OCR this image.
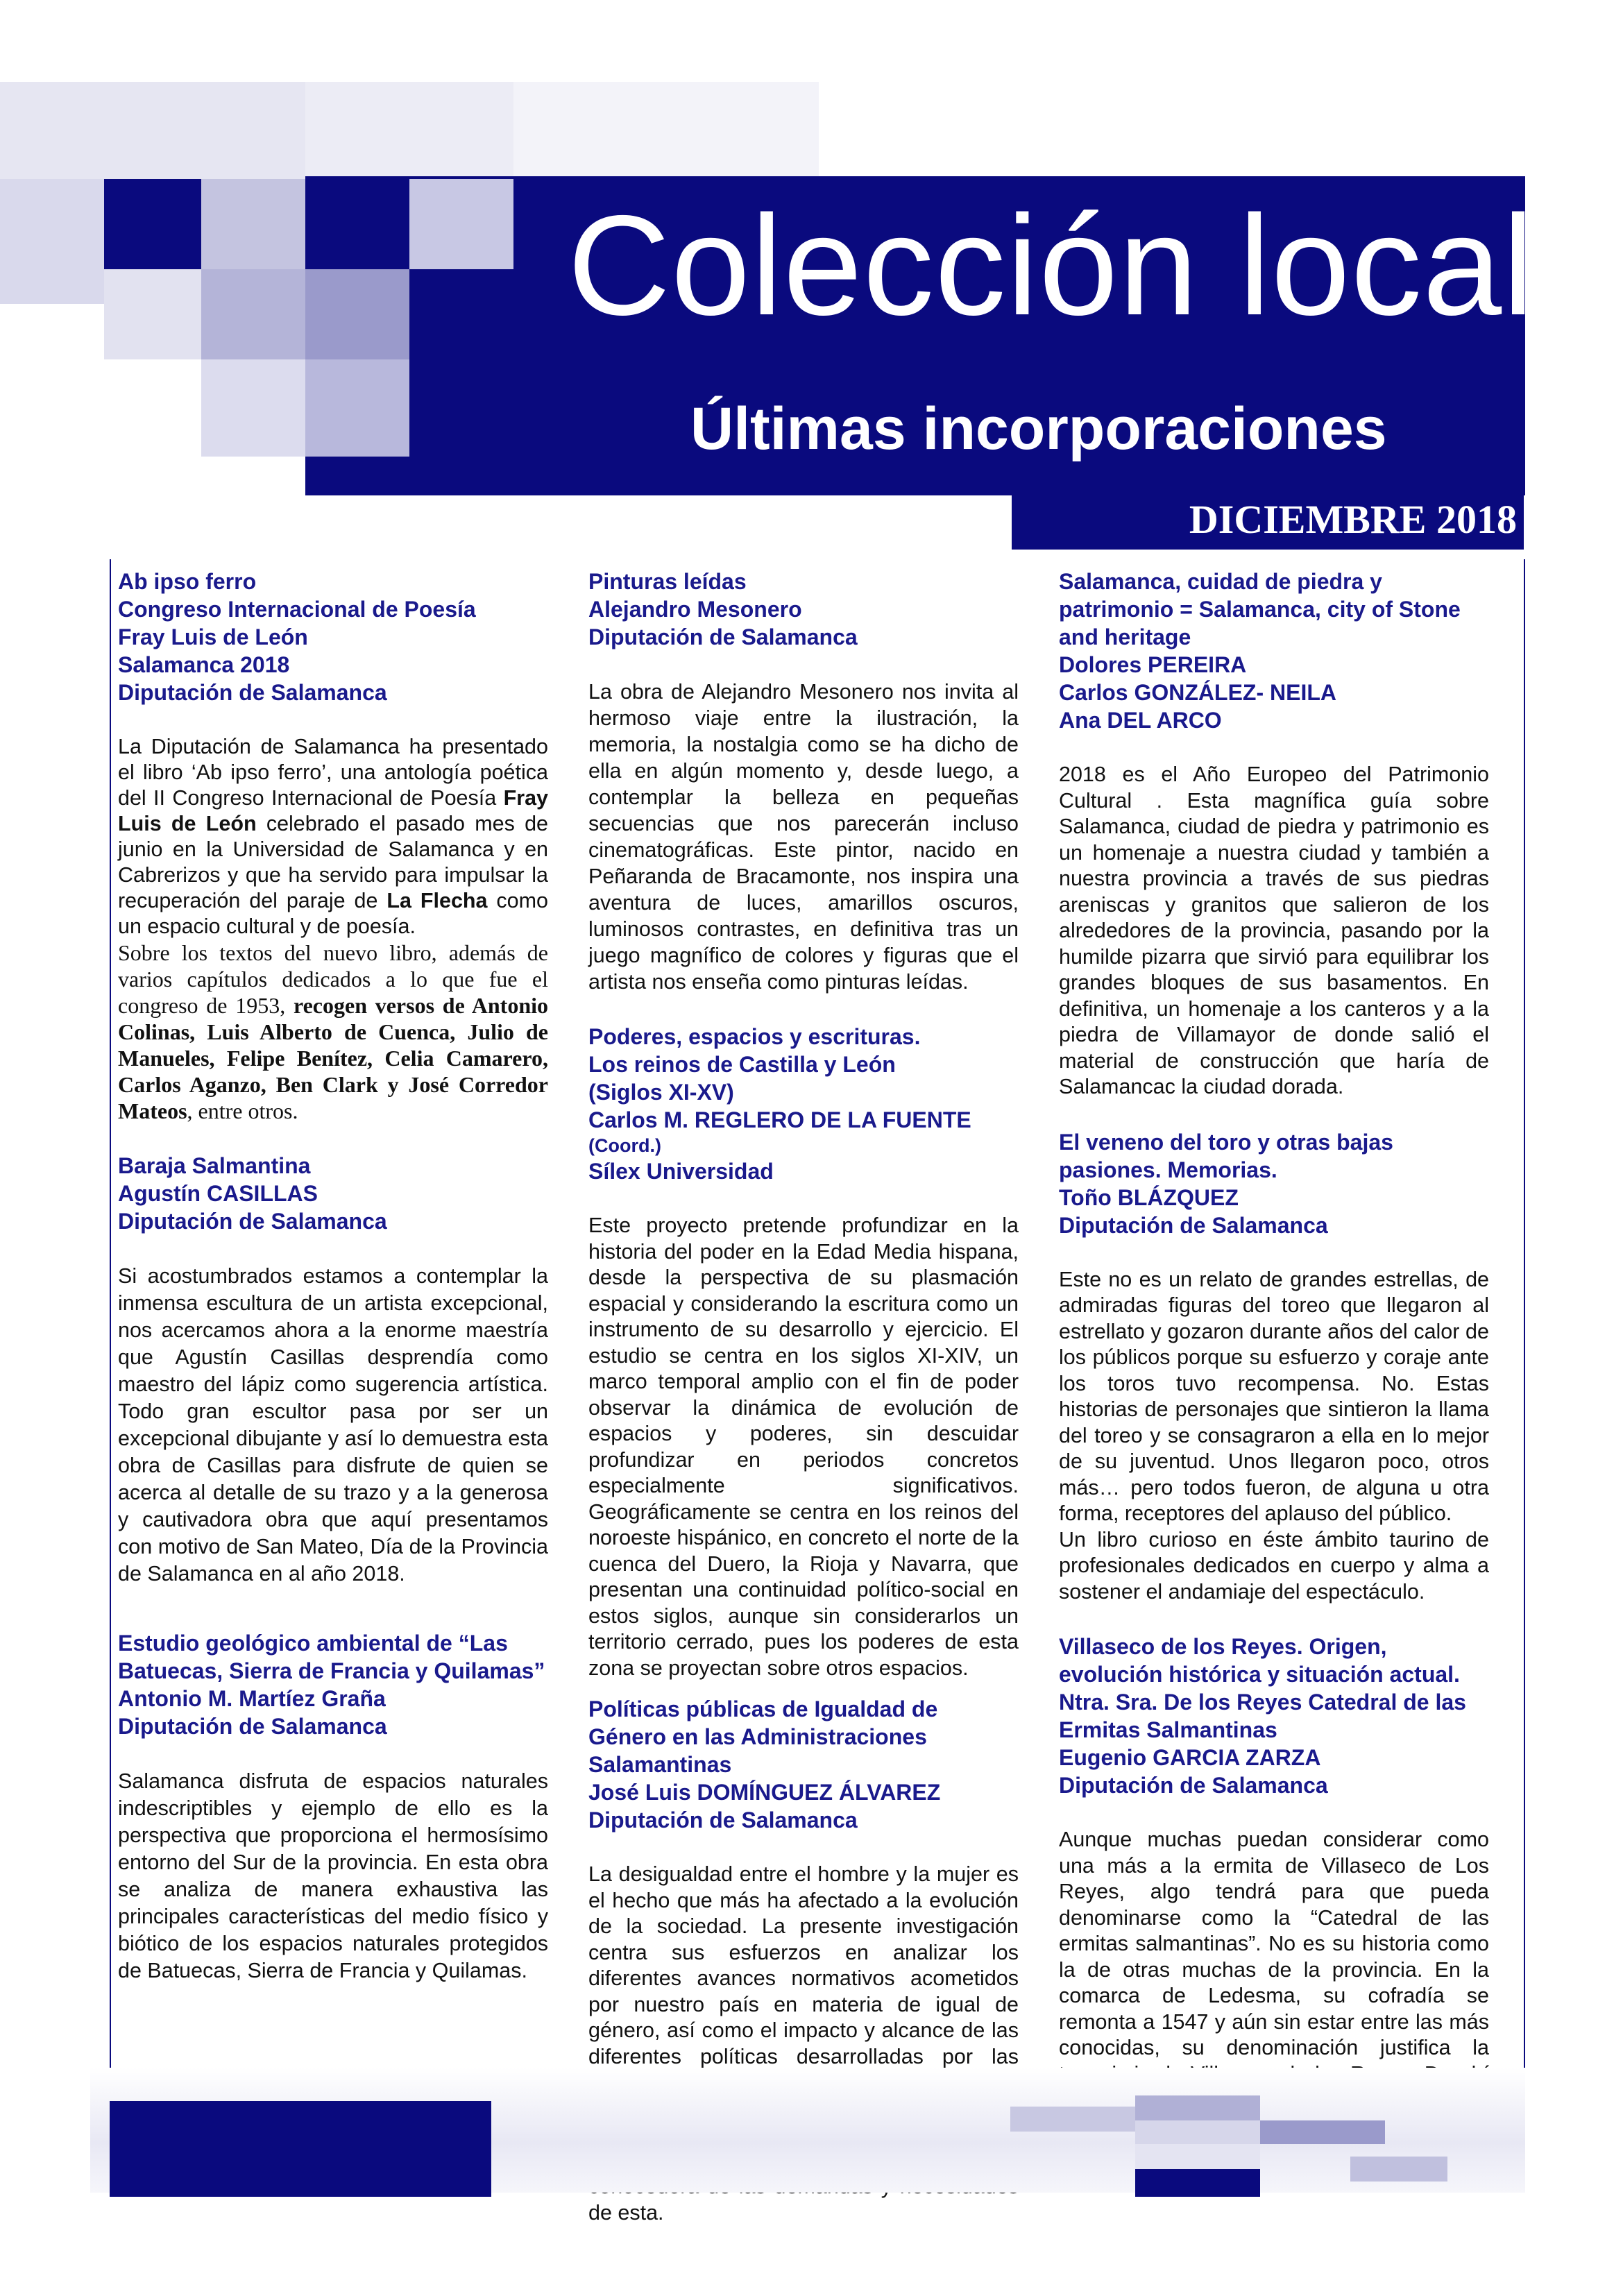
Colección local
Últimas incorporaciones
DICIEMBRE 2018
Ab ipso ferro
Congreso Internacional de Poesía
Fray Luis de León
Salamanca 2018
Diputación de Salamanca

La Diputación de Salamanca ha presentado el libro ‘Ab ipso ferro’, una antología poética del II Congreso Internacional de Poesía Fray Luis de León celebrado el pasado mes de junio en la Universidad de Salamanca y en Cabrerizos y que ha servido para impulsar la recuperación del paraje de La Flecha como un espacio cultural y de poesía.

Sobre los textos del nuevo libro, además de varios capítulos dedicados a lo que fue el congreso de 1953, recogen versos de Antonio Colinas, Luis Alberto de Cuenca, Julio de Manueles, Felipe Benítez, Celia Camarero, Carlos Aganzo, Ben Clark y José Corredor Mateos, entre otros.

Baraja Salmantina
Agustín CASILLAS
Diputación de Salamanca

Si acostumbrados estamos a contemplar la inmensa escultura de un artista excepcional, nos acercamos ahora a la enorme maestría que Agustín Casillas desprendía como maestro del lápiz como sugerencia artística. Todo gran escultor pasa por ser un excepcional dibujante y así lo demuestra esta obra de Casillas para disfrute de quien se acerca al detalle de su trazo y a la generosa y cautivadora obra que aquí presentamos con motivo de San Mateo, Día de la Provincia de Salamanca en al año 2018.

Estudio geológico ambiental de “Las Batuecas, Sierra de Francia y Quilamas”
Antonio M. Martíez Graña
Diputación de Salamanca

Salamanca disfruta de espacios naturales indescriptibles y ejemplo de ello es la perspectiva que proporciona el hermosísimo entorno del Sur de la provincia. En esta obra se analiza de manera exhaustiva las principales características del medio físico y biótico de los espacios naturales protegidos de Batuecas, Sierra de Francia y Quilamas.

Pinturas leídas
Alejandro Mesonero
Diputación de Salamanca

La obra de Alejandro Mesonero nos invita al hermoso viaje entre la ilustración, la memoria, la nostalgia como se ha dicho de ella en algún momento y, desde luego, a contemplar la belleza en pequeñas secuencias que nos parecerán incluso cinematográficas. Este pintor, nacido en Peñaranda de Bracamonte, nos inspira una aventura de luces, amarillos oscuros, luminosos contrastes, en definitiva tras un juego magnífico de colores y figuras que el artista nos enseña como pinturas leídas.

Poderes, espacios y escrituras.
Los reinos de Castilla y León
(Siglos XI-XV)
Carlos M. REGLERO DE LA FUENTE
(Coord.)
Sílex Universidad

Este proyecto pretende profundizar en la historia del poder en la Edad Media hispana, desde la perspectiva de su plasmación espacial y considerando la escritura como un instrumento de su desarrollo y ejercicio. El estudio se centra en los siglos XI-XIV, un marco temporal amplio con el fin de poder observar la dinámica de evolución de espacios y poderes, sin descuidar profundizar en periodos concretos especialmente significativos. Geográficamente se centra en los reinos del noroeste hispánico, en concreto el norte de la cuenca del Duero, la Rioja y Navarra, que presentan una continuidad político-social en estos siglos, aunque sin considerarlos un territorio cerrado, pues los poderes de esta zona se proyectan sobre otros espacios.

Políticas públicas de Igualdad de Género en las Administraciones Salamantinas
José Luis DOMÍNGUEZ ÁLVAREZ
Diputación de Salamanca

La desigualdad entre el hombre y la mujer es el hecho que más ha afectado a la evolución de la sociedad. La presente investigación centra sus esfuerzos en analizar los diferentes avances normativos acometidos por nuestro país en materia de igual de género, así como el impacto y alcance de las diferentes políticas desarrolladas por las de esta.

Salamanca, cuidad de piedra y patrimonio = Salamanca, city of Stone and heritage
Dolores PEREIRA
Carlos GONZÁLEZ- NEILA
Ana DEL ARCO

2018 es el Año Europeo del Patrimonio Cultural . Esta magnífica guía sobre Salamanca, ciudad de piedra y patrimonio es un homenaje a nuestra ciudad y también a nuestra provincia a través de sus piedras areniscas y granitos que salieron de los alrededores de la provincia, pasando por la humilde pizarra que sirvió para equilibrar los grandes bloques de sus basamentos. En definitiva, un homenaje a los canteros y a la piedra de Villamayor de donde salió el material de construcción que haría de Salamancac la ciudad dorada.

El veneno del toro y otras bajas pasiones. Memorias.
Toño BLÁZQUEZ
Diputación de Salamanca

Este no es un relato de grandes estrellas, de admiradas figuras del toreo que llegaron al estrellato y gozaron durante años del calor de los públicos porque su esfuerzo y coraje ante los toros tuvo recompensa. No. Estas historias de personajes que sintieron la llama del toreo y se consagraron a ella en lo mejor de su juventud. Unos llegaron poco, otros más… pero todos fueron, de alguna u otra forma, receptores del aplauso del público.

Un libro curioso en éste ámbito taurino de profesionales dedicados en cuerpo y alma a sostener el andamiaje del espectáculo.

Villaseco de los Reyes. Origen, evolución histórica y situación actual. Ntra. Sra. De los Reyes Catedral de las Ermitas Salmantinas
Eugenio GARCIA ZARZA
Diputación de Salamanca

Aunque muchas puedan considerar como una más a la ermita de Villaseco de Los Reyes, algo tendrá para que pueda denominarse como la “Catedral de las ermitas salmantinas”. No es su historia como la de otras muchas de la provincia. En la comarca de Ledesma, su cofradía se remonta a 1547 y aún sin estar entre las más conocidas, su denominación justifica la
